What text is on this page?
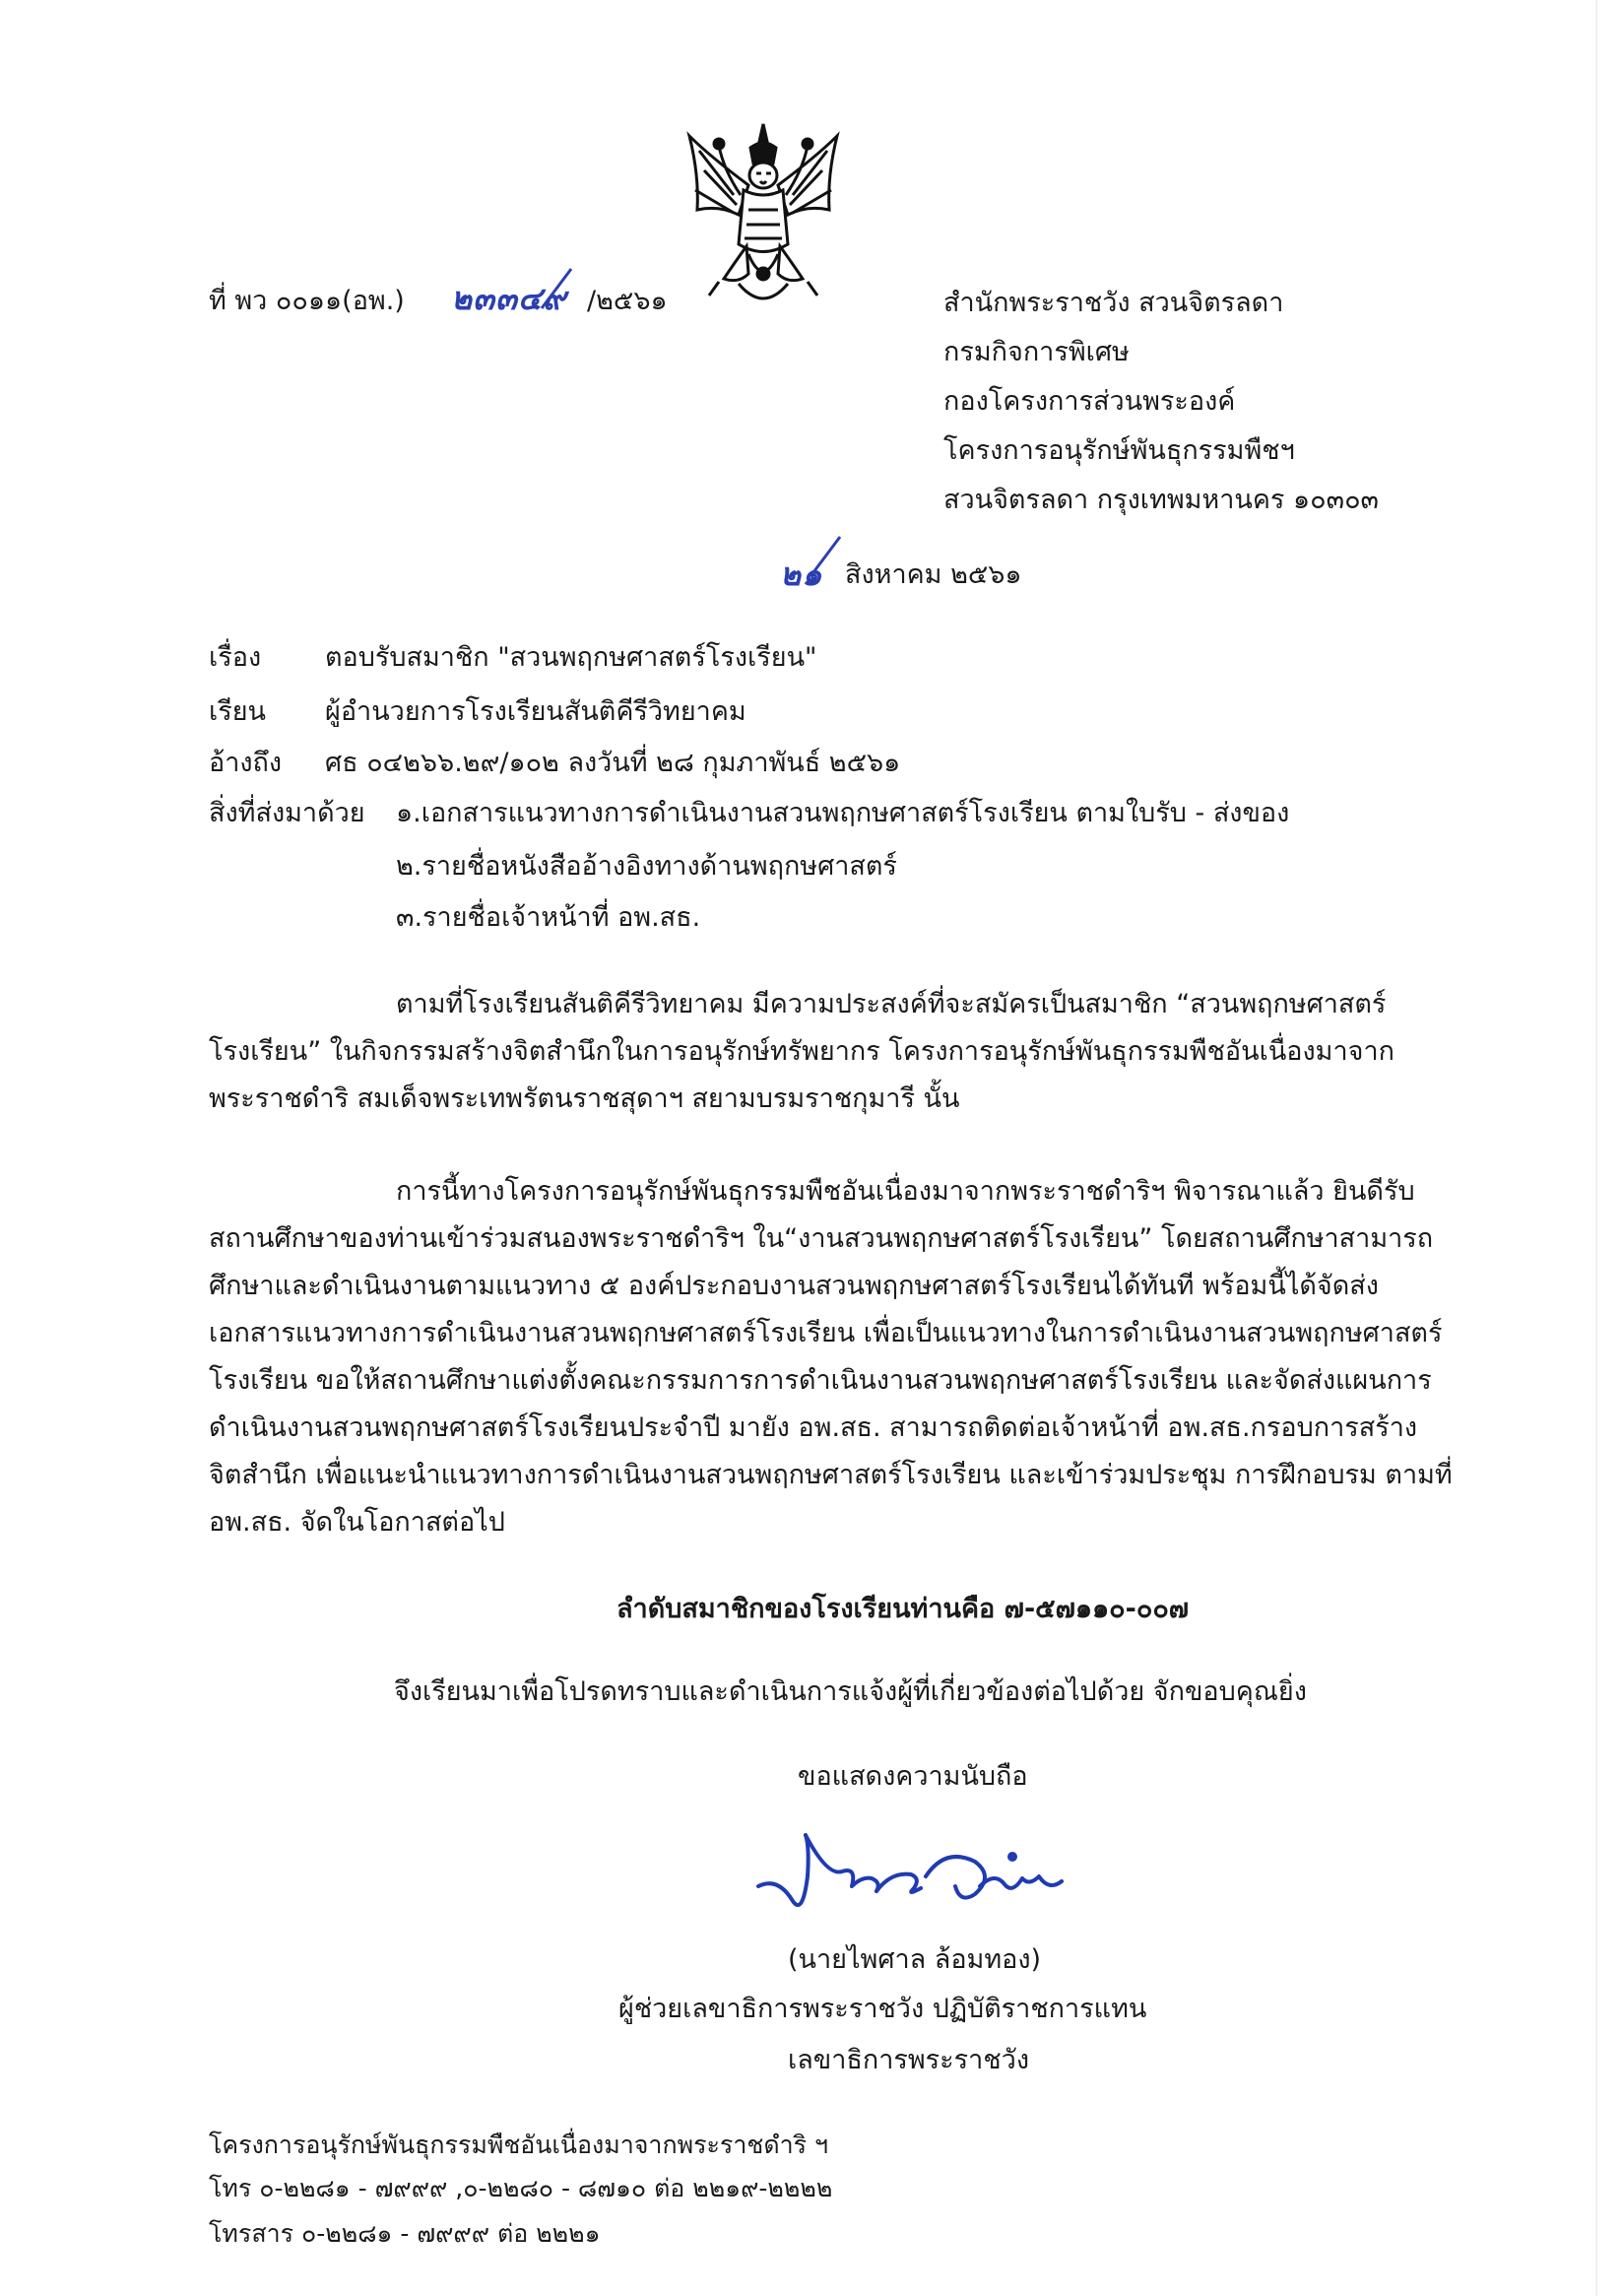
ที่ พว ๐๐๑๑(อพ.) ๒๓๓๔๙ /๒๕๖๑	สำนักพระราชวัง สวนจิตรลดา
กรมกิจการพิเศษ
กองโครงการส่วนพระองค์
โครงการอนุรักษ์พันธุกรรมพืชฯ
สวนจิตรลดา กรุงเทพมหานคร ๑๐๓๐๓
๒๑ สิงหาคม ๒๕๖๑
เรื่อง ตอบรับสมาชิก "สวนพฤกษศาสตร์โรงเรียน"
เรียน ผู้อำนวยการโรงเรียนสันติคีรีวิทยาคม
อ้างถึง ศธ ๐๔๒๖๖.๒๙/๑๐๒ ลงวันที่ ๒๘ กุมภาพันธ์ ๒๕๖๑
สิ่งที่ส่งมาด้วย ๑.เอกสารแนวทางการดำเนินงานสวนพฤกษศาสตร์โรงเรียน ตามใบรับ - ส่งของ
๒.รายชื่อหนังสืออ้างอิงทางด้านพฤกษศาสตร์
๓.รายชื่อเจ้าหน้าที่ อพ.สธ.
ตามที่โรงเรียนสันติคีรีวิทยาคม มีความประสงค์ที่จะสมัครเป็นสมาชิก “สวนพฤกษศาสตร์
โรงเรียน” ในกิจกรรมสร้างจิตสำนึกในการอนุรักษ์ทรัพยากร โครงการอนุรักษ์พันธุกรรมพืชอันเนื่องมาจาก
พระราชดำริ สมเด็จพระเทพรัตนราชสุดาฯ สยามบรมราชกุมารี นั้น
การนี้ทางโครงการอนุรักษ์พันธุกรรมพืชอันเนื่องมาจากพระราชดำริฯ พิจารณาแล้ว ยินดีรับ
สถานศึกษาของท่านเข้าร่วมสนองพระราชดำริฯ ใน“งานสวนพฤกษศาสตร์โรงเรียน” โดยสถานศึกษาสามารถ
ศึกษาและดำเนินงานตามแนวทาง ๕ องค์ประกอบงานสวนพฤกษศาสตร์โรงเรียนได้ทันที พร้อมนี้ได้จัดส่ง
เอกสารแนวทางการดำเนินงานสวนพฤกษศาสตร์โรงเรียน เพื่อเป็นแนวทางในการดำเนินงานสวนพฤกษศาสตร์
โรงเรียน ขอให้สถานศึกษาแต่งตั้งคณะกรรมการการดำเนินงานสวนพฤกษศาสตร์โรงเรียน และจัดส่งแผนการ
ดำเนินงานสวนพฤกษศาสตร์โรงเรียนประจำปี มายัง อพ.สธ. สามารถติดต่อเจ้าหน้าที่ อพ.สธ.กรอบการสร้าง
จิตสำนึก เพื่อแนะนำแนวทางการดำเนินงานสวนพฤกษศาสตร์โรงเรียน และเข้าร่วมประชุม การฝึกอบรม ตามที่
อพ.สธ. จัดในโอกาสต่อไป
ลำดับสมาชิกของโรงเรียนท่านคือ ๗-๕๗๑๑๐-๐๐๗
จึงเรียนมาเพื่อโปรดทราบและดำเนินการแจ้งผู้ที่เกี่ยวข้องต่อไปด้วย จักขอบคุณยิ่ง
ขอแสดงความนับถือ
(นายไพศาล ล้อมทอง)
ผู้ช่วยเลขาธิการพระราชวัง ปฏิบัติราชการแทน
เลขาธิการพระราชวัง
โครงการอนุรักษ์พันธุกรรมพืชอันเนื่องมาจากพระราชดำริ ฯ
โทร ๐-๒๒๘๑ - ๗๙๙๙ ,๐-๒๒๘๐ - ๘๗๑๐ ต่อ ๒๒๑๙-๒๒๒๒
โทรสาร ๐-๒๒๘๑ - ๗๙๙๙ ต่อ ๒๒๒๑
